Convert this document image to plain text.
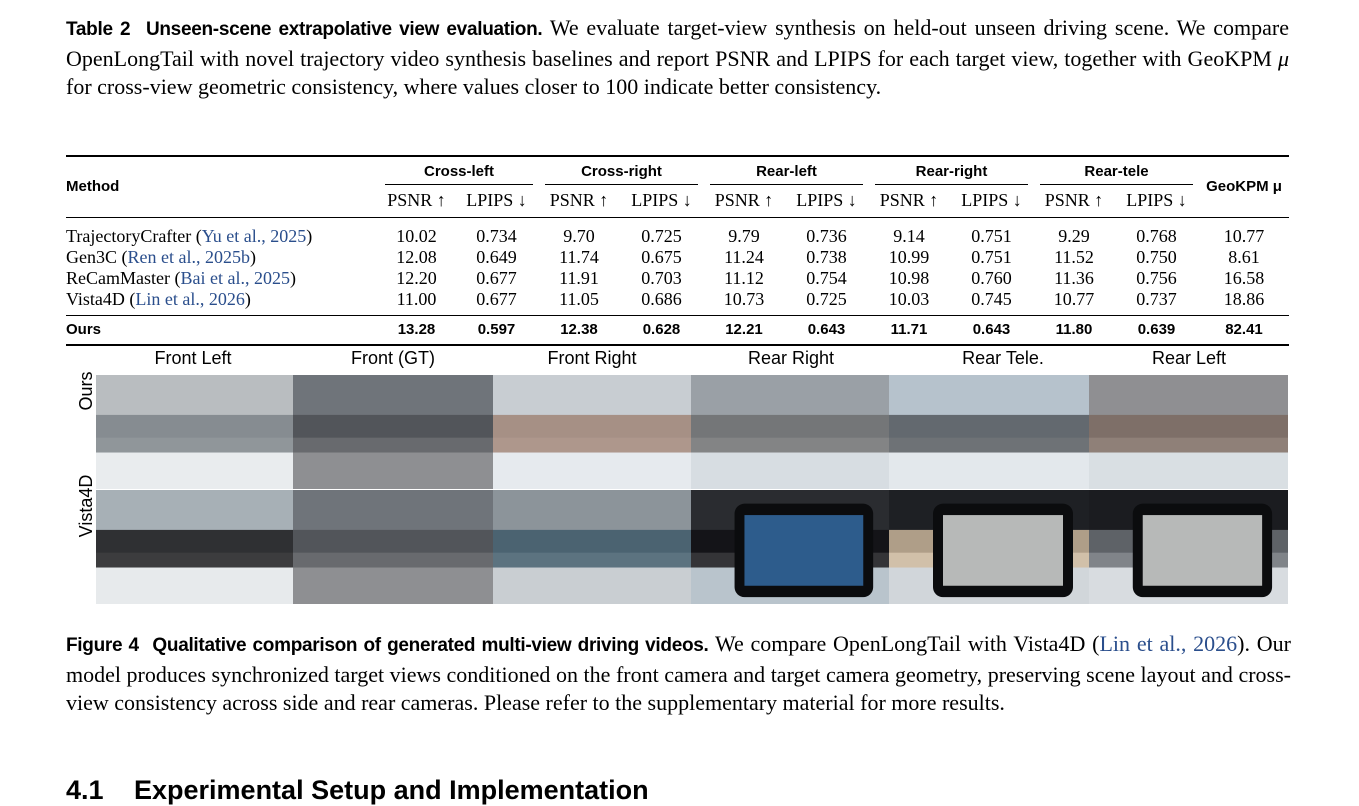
Table 2 Unseen-scene extrapolative view evaluation. We evaluate target-view synthesis on held-out unseen driving scene. We compare OpenLongTail with novel trajectory video synthesis baselines and report PSNR and LPIPS for each target view, together with GeoKPM μ for cross-view geometric consistency, where values closer to 100 indicate better consistency.
Method	Cross-left		Cross-right		Rear-left		Rear-right		Rear-tele		GeoKPM μ
	PSNR ↑	LPIPS ↓	PSNR ↑	LPIPS ↓	PSNR ↑	LPIPS ↓	PSNR ↑	LPIPS ↓	PSNR ↑	LPIPS ↓	
TrajectoryCrafter (Yu et al., 2025)	10.02	0.734	9.70	0.725	9.79	0.736	9.14	0.751	9.29	0.768	10.77
Gen3C (Ren et al., 2025b)	12.08	0.649	11.74	0.675	11.24	0.738	10.99	0.751	11.52	0.750	8.61
ReCamMaster (Bai et al., 2025)	12.20	0.677	11.91	0.703	11.12	0.754	10.98	0.760	11.36	0.756	16.58
Vista4D (Lin et al., 2026)	11.00	0.677	11.05	0.686	10.73	0.725	10.03	0.745	10.77	0.737	18.86
Ours	13.28	0.597	12.38	0.628	12.21	0.643	11.71	0.643	11.80	0.639	82.41
Front Left	Front (GT)	Front Right	Rear Right	Rear Tele.	Rear Left
Ours
Vista4D
Figure 4 Qualitative comparison of generated multi-view driving videos. We compare OpenLongTail with Vista4D (Lin et al., 2026). Our model produces synchronized target views conditioned on the front camera and target camera geometry, preserving scene layout and cross-view consistency across side and rear cameras. Please refer to the supplementary material for more results.
4.1 Experimental Setup and Implementation
